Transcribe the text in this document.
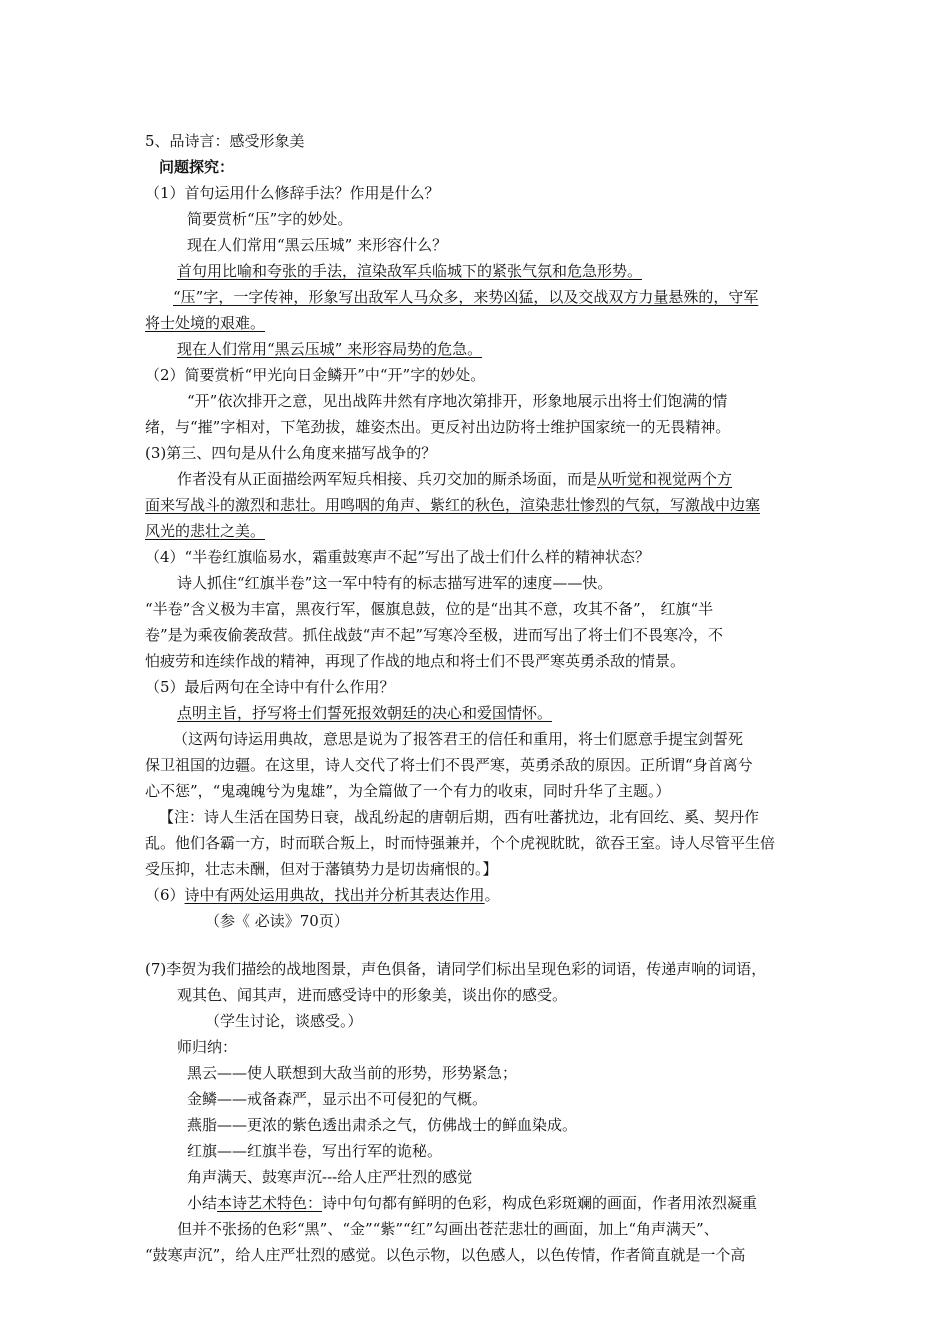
5、品诗言：感受形象美

问题探究：

（1）首句运用什么修辞手法？作用是什么？

简要赏析“压”字的妙处。

现在人们常用“黑云压城” 来形容什么？

首句用比喻和夸张的手法，渲染敌军兵临城下的紧张气氛和危急形势。

“压”字，一字传神，形象写出敌军人马众多，来势凶猛，以及交战双方力量悬殊的，守军

将士处境的艰难。

现在人们常用“黑云压城” 来形容局势的危急。

（2）简要赏析“甲光向日金鳞开”中“开”字的妙处。

“开”依次排开之意，见出战阵井然有序地次第排开，形象地展示出将士们饱满的情

绪，与“摧”字相对，下笔劲拔，雄姿杰出。更反衬出边防将士维护国家统一的无畏精神。

(3)第三、四句是从什么角度来描写战争的？

作者没有从正面描绘两军短兵相接、兵刃交加的厮杀场面，而是从听觉和视觉两个方

面来写战斗的激烈和悲壮。用鸣咽的角声、紫红的秋色，渲染悲壮惨烈的气氛，写激战中边塞

风光的悲壮之美。

（4）“半卷红旗临易水，霜重鼓寒声不起”写出了战士们什么样的精神状态？

诗人抓住“红旗半卷”这一军中特有的标志描写进军的速度——快。

“半卷”含义极为丰富，黑夜行军，偃旗息鼓，位的是“出其不意，攻其不备”， 红旗“半

卷”是为乘夜偷袭敌营。抓住战鼓“声不起”写寒冷至极，进而写出了将士们不畏寒冷，不

怕疲劳和连续作战的精神，再现了作战的地点和将士们不畏严寒英勇杀敌的情景。

（5）最后两句在全诗中有什么作用？

点明主旨，抒写将士们誓死报效朝廷的决心和爱国情怀。

（这两句诗运用典故，意思是说为了报答君王的信任和重用，将士们愿意手提宝剑誓死

保卫祖国的边疆。在这里，诗人交代了将士们不畏严寒，英勇杀敌的原因。正所谓“身首离兮

心不惩”，“鬼魂魄兮为鬼雄”，为全篇做了一个有力的收束，同时升华了主题。）

【注：诗人生活在国势日衰，战乱纷起的唐朝后期，西有吐蕃扰边，北有回纥、奚、契丹作

乱。他们各霸一方，时而联合叛上，时而恃强兼并，个个虎视眈眈，欲吞王室。诗人尽管平生倍

受压抑，壮志未酬，但对于藩镇势力是切齿痛恨的。】

（6）诗中有两处运用典故，找出并分析其表达作用。

（参《 必读》70页）

(7)李贺为我们描绘的战地图景，声色俱备，请同学们标出呈现色彩的词语，传递声响的词语，

观其色、闻其声，进而感受诗中的形象美，谈出你的感受。

（学生讨论，谈感受。）

师归纳：

黑云——使人联想到大敌当前的形势，形势紧急；

金鳞——戒备森严，显示出不可侵犯的气概。

燕脂——更浓的紫色透出肃杀之气，仿佛战士的鲜血染成。

红旗——红旗半卷，写出行军的诡秘。

角声满天、鼓寒声沉---给人庄严壮烈的感觉

小结本诗艺术特色：诗中句句都有鲜明的色彩，构成色彩斑斓的画面，作者用浓烈凝重

但并不张扬的色彩“黑”、“金”“紫”“红”勾画出苍茫悲壮的画面，加上“角声满天”、

“鼓寒声沉”，给人庄严壮烈的感觉。以色示物，以色感人，以色传情，作者简直就是一个高
